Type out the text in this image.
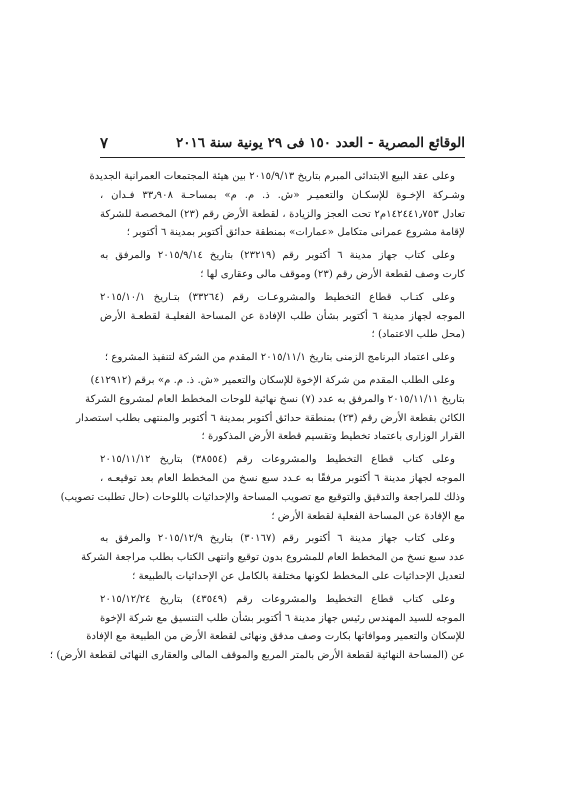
الوقائع المصرية - العدد ١٥٠ فى ٢٩ يونية سنة ٢٠١٦
٧
وعلى عقد البيع الابتدائى المبرم بتاريخ ٢٠١٥/٩/١٣ بين هيئة المجتمعات العمرانية الجديدة
وشـركة الإخـوة للإسكـان والتعميـر «ش. ذ. م. م» بمساحـة ٣٣٫٩٠٨ فـدان ،
تعادل ١٤٢٤٤١٫٧٥٣م٢ تحت العجز والزيادة ، لقطعة الأرض رقم (٢٣) المخصصة للشركة
لإقامة مشروع عمرانى متكامل «عمارات» بمنطقة حدائق أكتوبر بمدينة ٦ أكتوبر ؛
وعلى كتاب جهاز مدينة ٦ أكتوبر رقم (٢٣٢١٩) بتاريخ ٢٠١٥/٩/١٤ والمرفق به
كارت وصف لقطعة الأرض رقم (٢٣) وموقف مالى وعقارى لها ؛
وعلى كتـاب قطاع التخطيط والمشروعـات رقم (٣٣٢٦٤) بتـاريخ ٢٠١٥/١٠/١
الموجه لجهاز مدينة ٦ أكتوبر بشأن طلب الإفادة عن المساحة الفعليـة لقطعـة الأرض
(محل طلب الاعتماد) ؛
وعلى اعتماد البرنامج الزمنى بتاريخ ٢٠١٥/١١/١ المقدم من الشركة لتنفيذ المشروع ؛
وعلى الطلب المقدم من شركة الإخوة للإسكان والتعمير «ش. ذ. م. م» برقم (٤١٢٩١٢)
بتاريخ ٢٠١٥/١١/١١ والمرفق به عدد (٧) نسخ نهائية للوحات المخطط العام لمشروع الشركة
الكائن بقطعة الأرض رقم (٢٣) بمنطقة حدائق أكتوبر بمدينة ٦ أكتوبر والمنتهى بطلب استصدار
القرار الوزارى باعتماد تخطيط وتقسيم قطعة الأرض المذكورة ؛
وعلى كتاب قطاع التخطيط والمشروعات رقم (٣٨٥٥٤) بتاريخ ٢٠١٥/١١/١٢
الموجه لجهاز مدينة ٦ أكتوبر مرفقًا به عـدد سبع نسخ من المخطط العام بعد توقيعـه ،
وذلك للمراجعة والتدقيق والتوقيع مع تصويب المساحة والإحداثيات باللوحات (حال تطلبت تصويب)
مع الإفادة عن المساحة الفعلية لقطعة الأرض ؛
وعلى كتاب جهاز مدينة ٦ أكتوبر رقم (٣٠١٦٧) بتاريخ ٢٠١٥/١٢/٩ والمرفق به
عدد سبع نسخ من المخطط العام للمشروع بدون توقيع وانتهى الكتاب بطلب مراجعة الشركة
لتعديل الإحداثيات على المخطط لكونها مختلفة بالكامل عن الإحداثيات بالطبيعة ؛
وعلى كتاب قطاع التخطيط والمشروعات رقم (٤٣٥٤٩) بتاريخ ٢٠١٥/١٢/٢٤
الموجه للسيد المهندس رئيس جهاز مدينة ٦ أكتوبر بشأن طلب التنسيق مع شركة الإخوة
للإسكان والتعمير وموافاتها بكارت وصف مدقق ونهائى لقطعة الأرض من الطبيعة مع الإفادة
عن (المساحة النهائية لقطعة الأرض بالمتر المربع والموقف المالى والعقارى النهائى لقطعة الأرض) ؛
